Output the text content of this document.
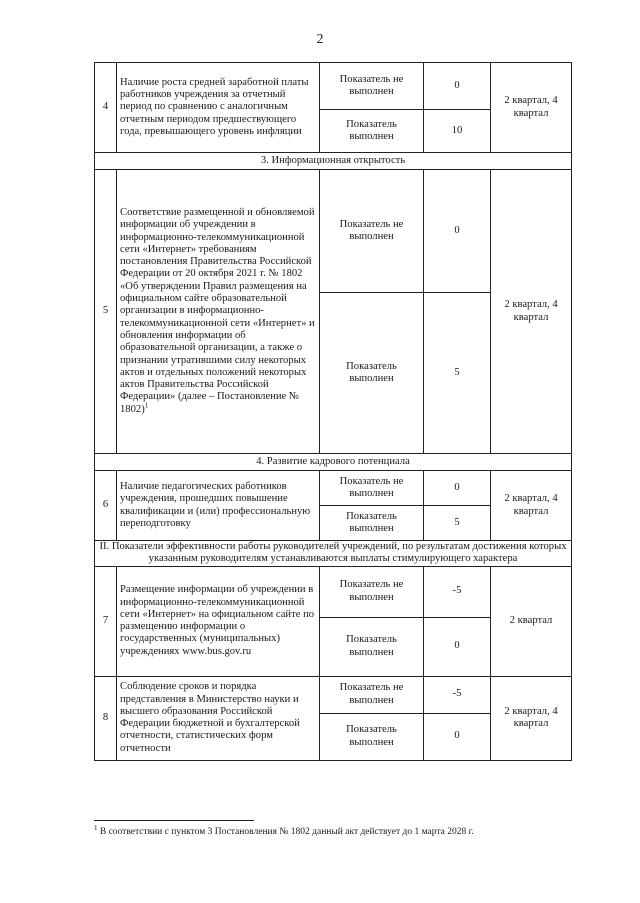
2
4	Наличие роста средней заработной платы работников учреждения за отчетный период по сравнению с аналогичным отчетным периодом предшествующего года, превышающего уровень инфляции	Показатель не выполнен	0	2 квартал, 4 квартал
		Показатель выполнен	10	
3. Информационная открытость				
5	Соответствие размещенной и обновляемой информации об учреждении в информационно-телекоммуникационной сети «Интернет» требованиям постановления Правительства Российской Федерации от 20 октября 2021 г. № 1802 «Об утверждении Правил размещения на официальном сайте образовательной организации в информационно-телекоммуникационной сети «Интернет» и обновления информации об образовательной организации, а также о признании утратившими силу некоторых актов и отдельных положений некоторых актов Правительства Российской Федерации» (далее – Постановление № 1802)$^1$	Показатель не выполнен	0	2 квартал, 4 квартал
		Показатель выполнен	5	
4. Развитие кадрового потенциала				
6	Наличие педагогических работников учреждения, прошедших повышение квалификации и (или) профессиональную переподготовку	Показатель не выполнен	0	2 квартал, 4 квартал
		Показатель выполнен	5	
II. Показатели эффективности работы руководителей учреждений, по результатам достижения которых указанным руководителям устанавливаются выплаты стимулирующего характера				
7	Размещение информации об учреждении в информационно-телекоммуникационной сети «Интернет» на официальном сайте по размещению информации о государственных (муниципальных) учреждениях www.bus.gov.ru	Показатель не выполнен	-5	2 квартал
		Показатель выполнен	0	
8	Соблюдение сроков и порядка представления в Министерство науки и высшего образования Российской Федерации бюджетной и бухгалтерской отчетности, статистических форм отчетности	Показатель не выполнен	-5	2 квартал, 4 квартал
		Показатель выполнен	0	
$^1$ В соответствии с пунктом 3 Постановления № 1802 данный акт действует до 1 марта 2028 г.
